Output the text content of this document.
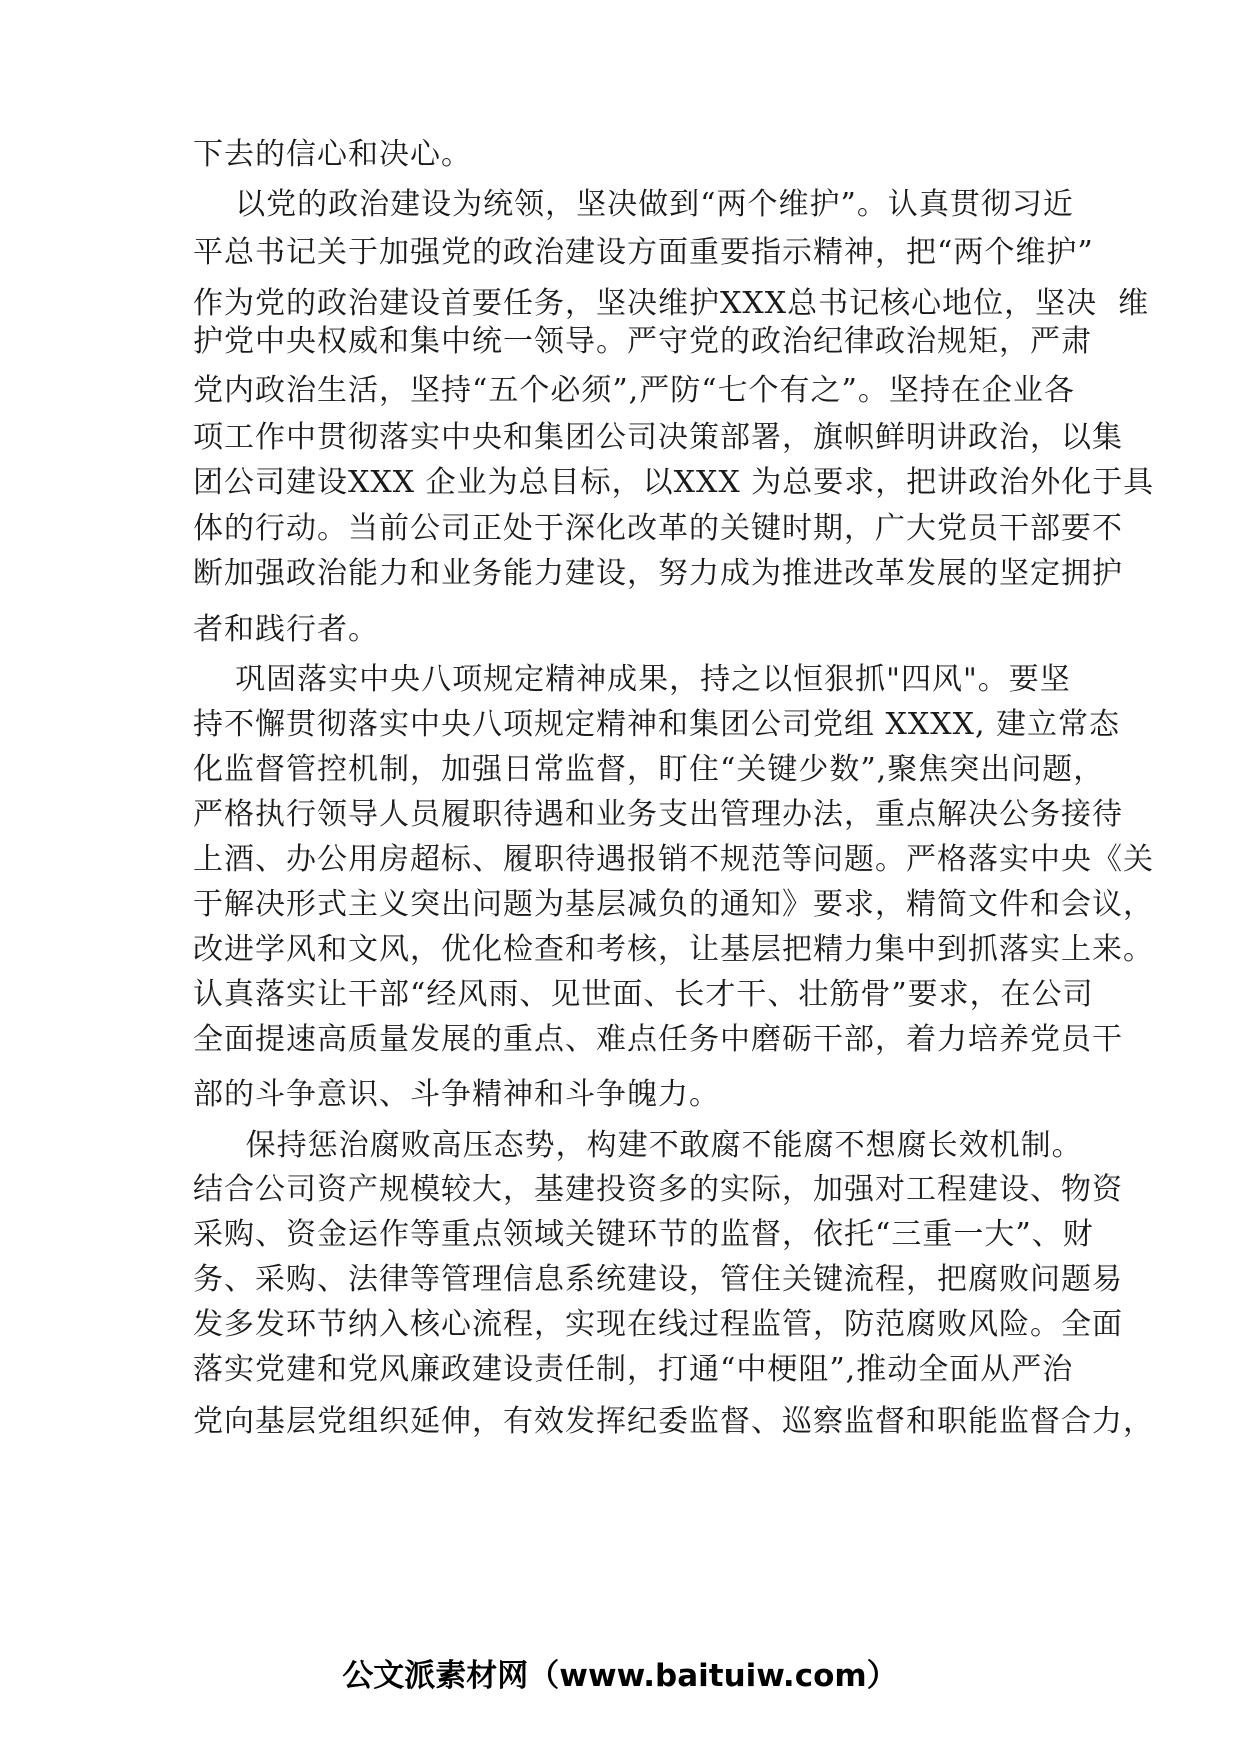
下去的信心和决心。
以党的政治建设为统领，坚决做到“两个维护”。认真贯彻习近
平总书记关于加强党的政治建设方面重要指示精神，把“两个维护”
作为党的政治建设首要任务，坚决维护XXX总书记核心地位，坚决  维
护党中央权威和集中统一领导。严守党的政治纪律政治规矩，严肃
党内政治生活，坚持“五个必须”,严防“七个有之”。坚持在企业各
项工作中贯彻落实中央和集团公司决策部署，旗帜鲜明讲政治，以集
团公司建设XXX 企业为总目标，以XXX 为总要求，把讲政治外化于具
体的行动。当前公司正处于深化改革的关键时期，广大党员干部要不
断加强政治能力和业务能力建设，努力成为推进改革发展的坚定拥护
者和践行者。
巩固落实中央八项规定精神成果，持之以恒狠抓"四风"。要坚
持不懈贯彻落实中央八项规定精神和集团公司党组 XXXX, 建立常态
化监督管控机制，加强日常监督，盯住“关键少数”,聚焦突出问题，
严格执行领导人员履职待遇和业务支出管理办法，重点解决公务接待
上酒、办公用房超标、履职待遇报销不规范等问题。严格落实中央《关
于解决形式主义突出问题为基层减负的通知》要求，精简文件和会议，
改进学风和文风，优化检查和考核，让基层把精力集中到抓落实上来。
认真落实让干部“经风雨、见世面、长才干、壮筋骨”要求，在公司
全面提速高质量发展的重点、难点任务中磨砺干部，着力培养党员干
部的斗争意识、斗争精神和斗争魄力。
保持惩治腐败高压态势，构建不敢腐不能腐不想腐长效机制。
结合公司资产规模较大，基建投资多的实际，加强对工程建设、物资
采购、资金运作等重点领域关键环节的监督，依托“三重一大”、财
务、采购、法律等管理信息系统建设，管住关键流程，把腐败问题易
发多发环节纳入核心流程，实现在线过程监管，防范腐败风险。全面
落实党建和党风廉政建设责任制，打通“中梗阻”,推动全面从严治
党向基层党组织延伸，有效发挥纪委监督、巡察监督和职能监督合力，
公文派素材网（www.baituiw.com）
